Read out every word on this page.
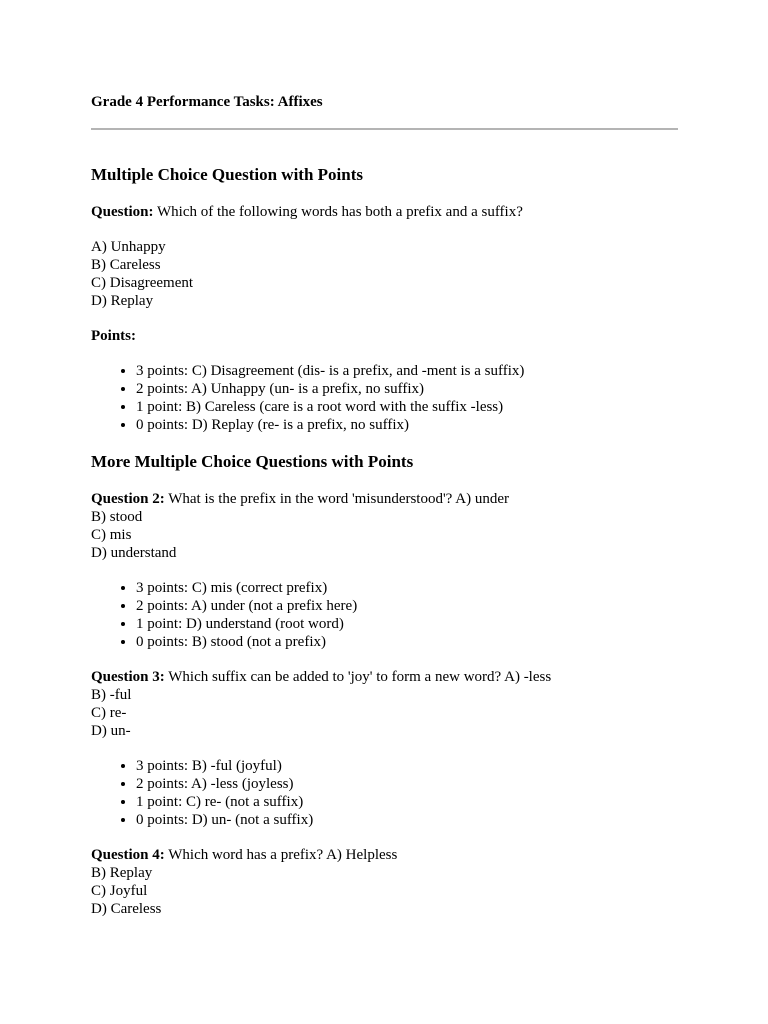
Grade 4 Performance Tasks: Affixes
Multiple Choice Question with Points

Question: Which of the following words has both a prefix and a suffix?

A) Unhappy
B) Careless
C) Disagreement
D) Replay
Points:
• 3 points: C) Disagreement (dis- is a prefix, and -ment is a suffix)
• 2 points: A) Unhappy (un- is a prefix, no suffix)
• 1 point: B) Careless (care is a root word with the suffix -less)
• 0 points: D) Replay (re- is a prefix, no suffix)
More Multiple Choice Questions with Points
Question 2: What is the prefix in the word 'misunderstood'? A) under
B) stood
C) mis
D) understand
• 3 points: C) mis (correct prefix)
• 2 points: A) under (not a prefix here)
• 1 point: D) understand (root word)
• 0 points: B) stood (not a prefix)
Question 3: Which suffix can be added to 'joy' to form a new word? A) -less
B) -ful
C) re-
D) un-
• 3 points: B) -ful (joyful)
• 2 points: A) -less (joyless)
• 1 point: C) re- (not a suffix)
• 0 points: D) un- (not a suffix)
Question 4: Which word has a prefix? A) Helpless
B) Replay
C) Joyful
D) Careless
